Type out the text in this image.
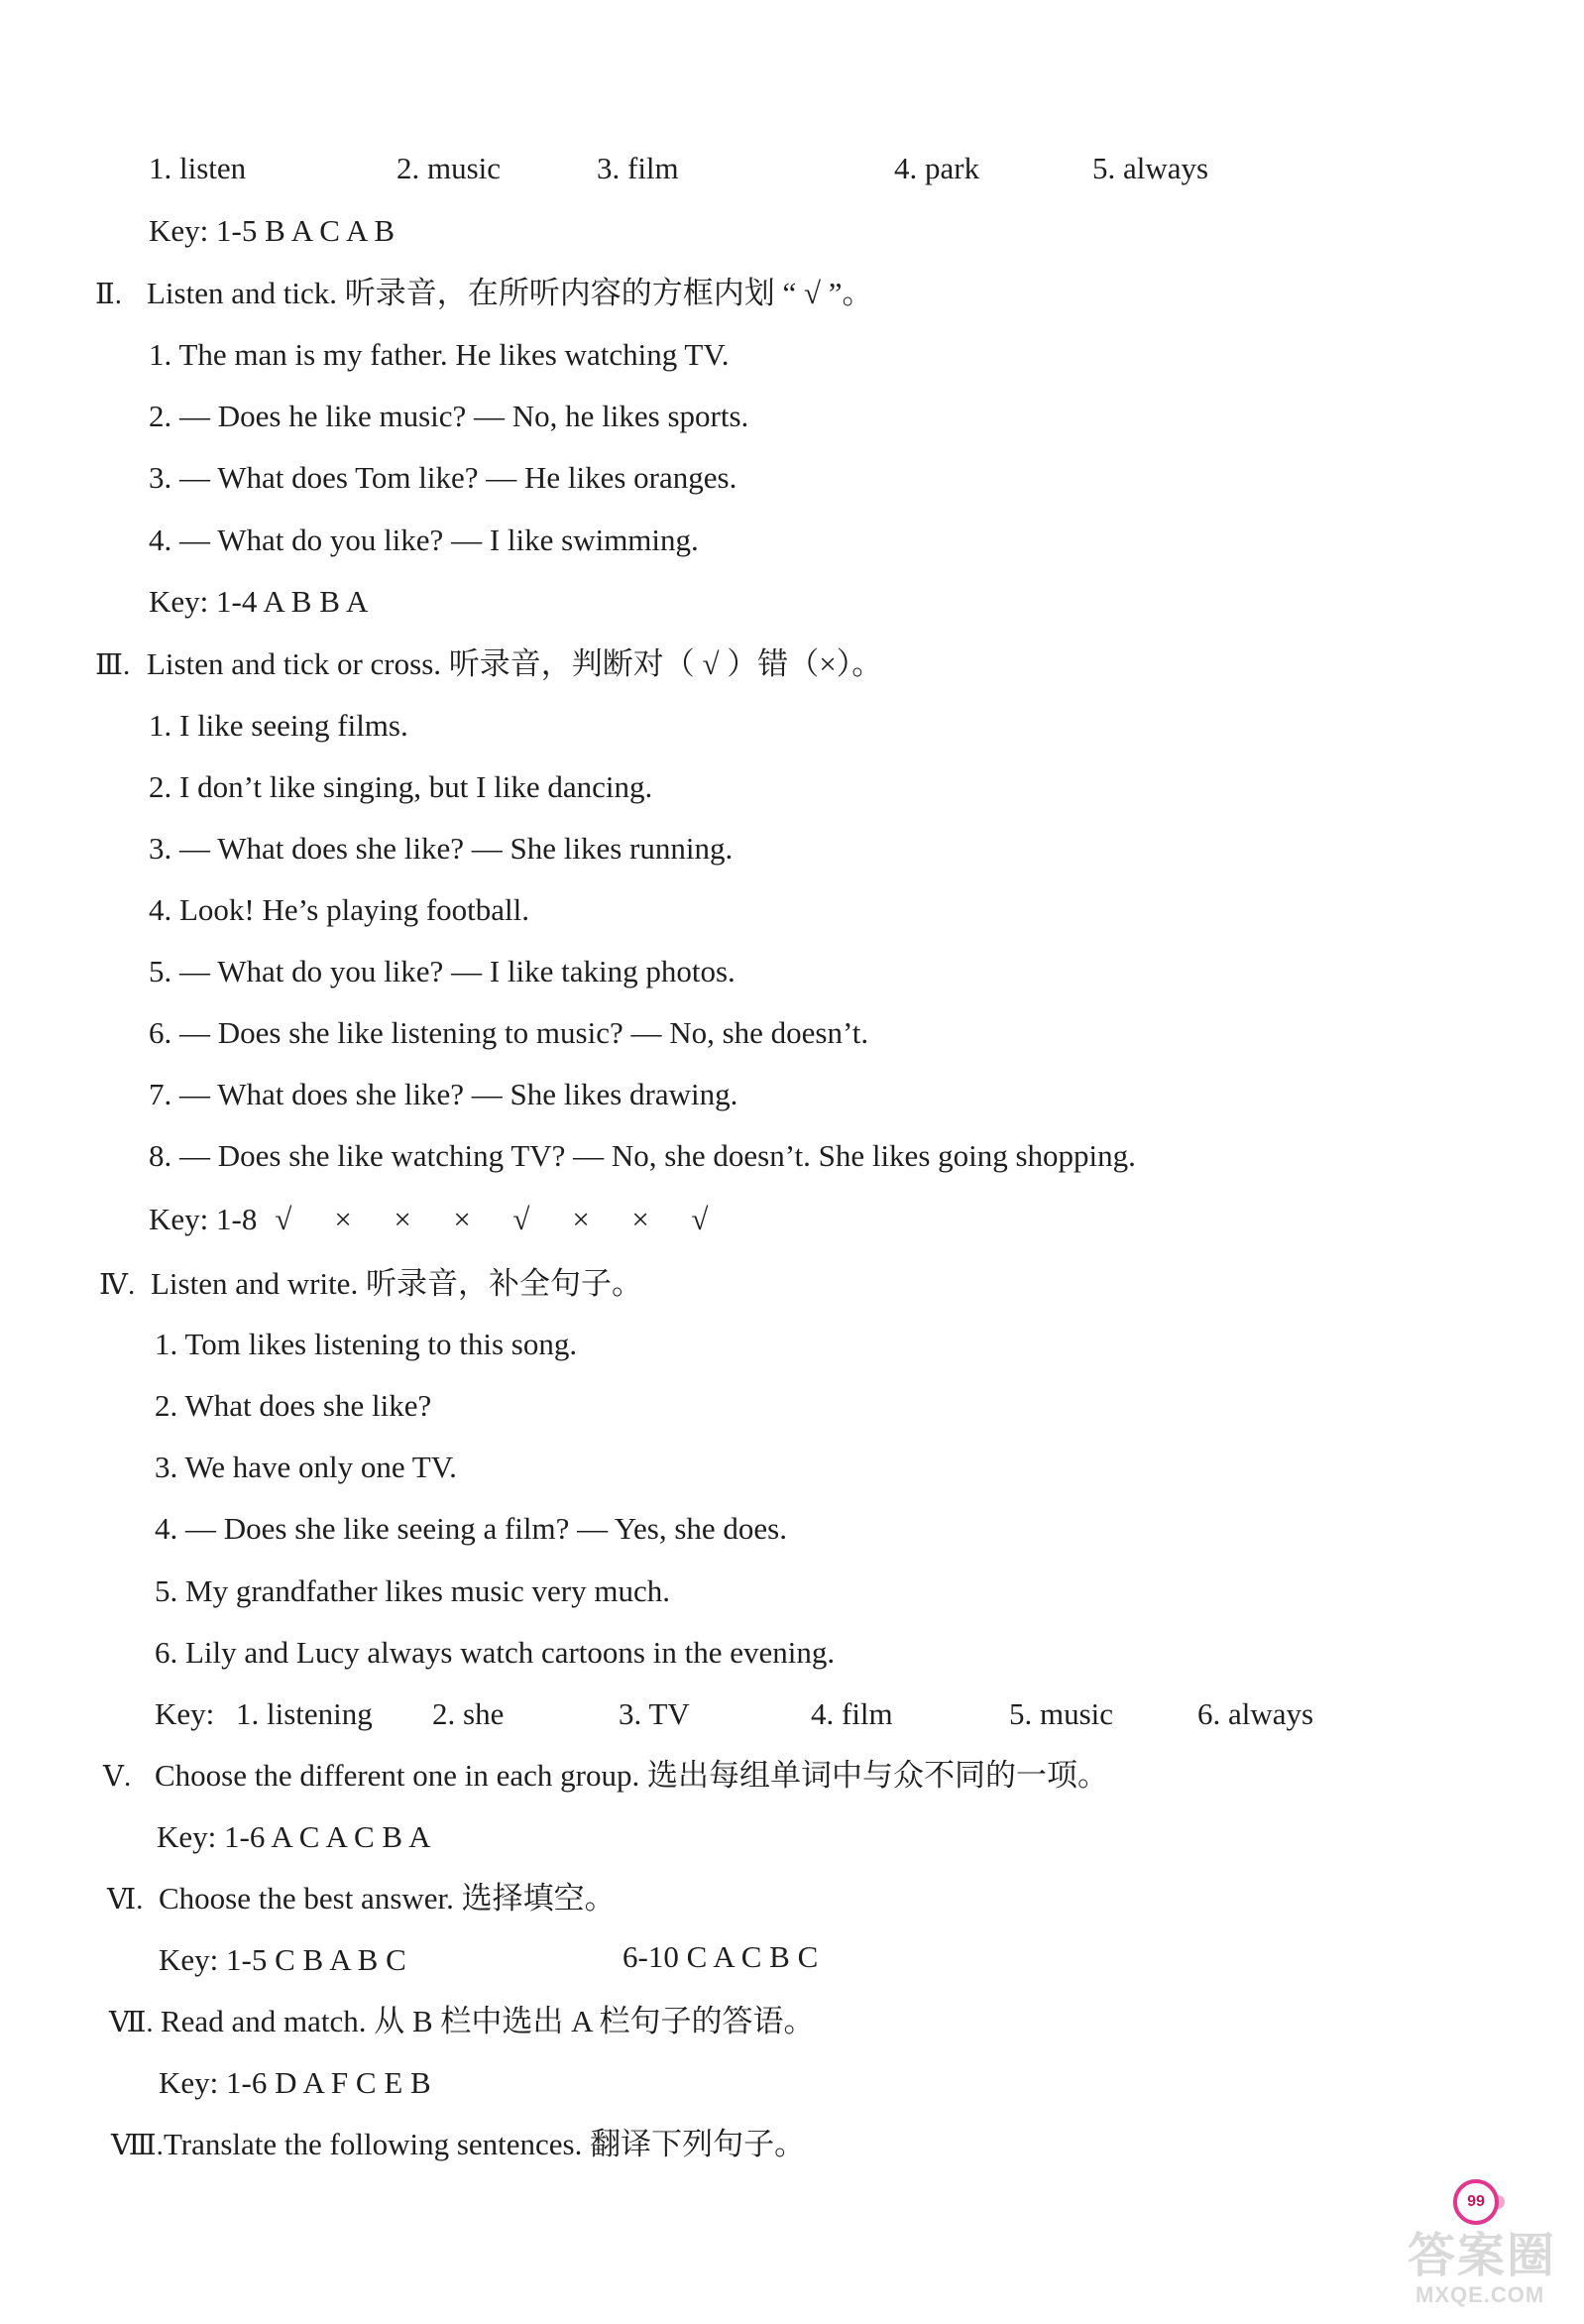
1. listen	2. music	3. film	4. park	5. always
Key: 1-5 B A C A B
Ⅱ. Listen and tick. 听录音，在所听内容的方框内划 “ √ ”。
1. The man is my father. He likes watching TV.
2. — Does he like music? — No, he likes sports.
3. — What does Tom like? — He likes oranges.
4. — What do you like? — I like swimming.
Key: 1-4 A B B A
Ⅲ. Listen and tick or cross. 听录音，判断对（ √ ）错（×）。
1. I like seeing films.
2. I don’t like singing, but I like dancing.
3. — What does she like? — She likes running.
4. Look! He’s playing football.
5. — What do you like? — I like taking photos.
6. — Does she like listening to music? — No, she doesn’t.
7. — What does she like? — She likes drawing.
8. — Does she like watching TV? — No, she doesn’t. She likes going shopping.
Key: 1-8 √ × × × √ × × √
Ⅳ. Listen and write. 听录音，补全句子。
1. Tom likes listening to this song.
2. What does she like?
3. We have only one TV.
4. — Does she like seeing a film? — Yes, she does.
5. My grandfather likes music very much.
6. Lily and Lucy always watch cartoons in the evening.
Key: 1. listening 2. she	3. TV	4. film	5. music	6. always
Ⅴ. Choose the different one in each group. 选出每组单词中与众不同的一项。
Key: 1-6 A C A C B A
Ⅵ. Choose the best answer. 选择填空。
Key: 1-5 C B A B C	6-10 C A C B C
Ⅶ. Read and match. 从 B 栏中选出 A 栏句子的答语。
Key: 1-6 D A F C E B
Ⅷ.Translate the following sentences. 翻译下列句子。
99
答案圈
MXQE.COM
